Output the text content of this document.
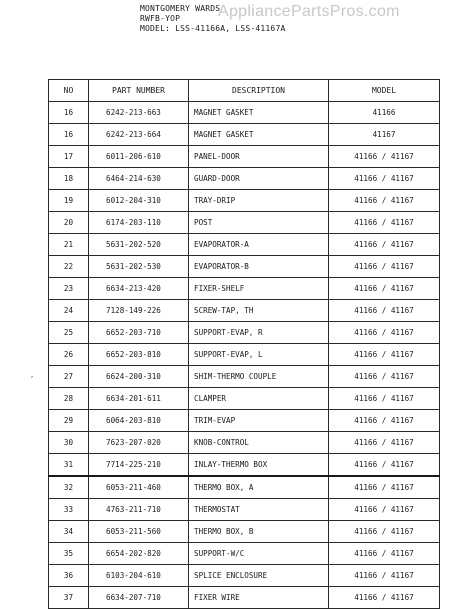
MONTGOMERY WARDS
RWFB-YOP
MODEL: LSS-41166A, LSS-41167A
AppliancePartsPros.com
,
NO	PART NUMBER	DESCRIPTION	MODEL
16	6242-213-663	MAGNET GASKET	41166
16	6242-213-664	MAGNET GASKET	41167
17	6011-206-610	PANEL-DOOR	41166 / 41167
18	6464-214-630	GUARD-DOOR	41166 / 41167
19	6012-204-310	TRAY-DRIP	41166 / 41167
20	6174-203-110	POST	41166 / 41167
21	5631-202-520	EVAPORATOR-A	41166 / 41167
22	5631-202-530	EVAPORATOR-B	41166 / 41167
23	6634-213-420	FIXER-SHELF	41166 / 41167
24	7128-149-226	SCREW-TAP, TH	41166 / 41167
25	6652-203-710	SUPPORT-EVAP, R	41166 / 41167
26	6652-203-810	SUPPORT-EVAP, L	41166 / 41167
27	6624-200-310	SHIM-THERMO COUPLE	41166 / 41167
28	6634-201-611	CLAMPER	41166 / 41167
29	6064-203-810	TRIM-EVAP	41166 / 41167
30	7623-207-020	KNOB-CONTROL	41166 / 41167
31	7714-225-210	INLAY-THERMO BOX	41166 / 41167
32	6053-211-460	THERMO BOX, A	41166 / 41167
33	4763-211-710	THERMOSTAT	41166 / 41167
34	6053-211-560	THERMO BOX, B	41166 / 41167
35	6654-202-820	SUPPORT-W/C	41166 / 41167
36	6103-204-610	SPLICE ENCLOSURE	41166 / 41167
37	6634-207-710	FIXER WIRE	41166 / 41167
